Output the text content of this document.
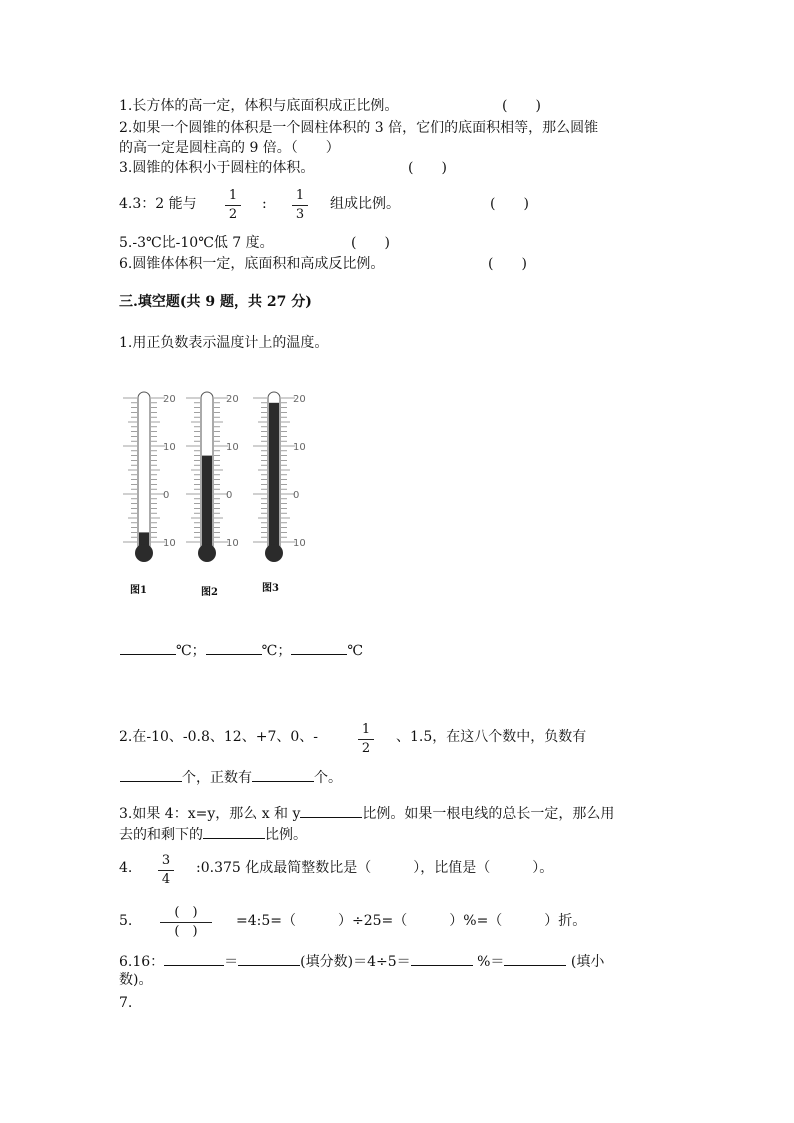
1.长方体的高一定，体积与底面积成正比例。	(　　)
2.如果一个圆锥的体积是一个圆柱体积的 3 倍，它们的底面积相等，那么圆锥
的高一定是圆柱高的 9 倍。（　　）
3.圆锥的体积小于圆柱的体积。	(　　)
4.3：2 能与 $\frac{1}{2}$ : $\frac{1}{3}$ 组成比例。	(　　)
5.-3℃比-10℃低 7 度。	(　　)
6.圆锥体体积一定，底面积和高成反比例。	(　　)
三.填空题(共 9 题，共 27 分)
1.用正负数表示温度计上的温度。
20
10
0
10
20
10
0
10
20
10
0
10
图1	图2	图3
℃；	℃；	℃
2.在-10、-0.8、12、+7、0、-	$\frac{1}{2}$ 、1.5，在这八个数中，负数有
个，正数有	个。
3.如果 4：x=y，那么 x 和 y	比例。如果一根电线的总长一定，那么用
去的和剩下的	比例。
4. $\frac{3}{4}$ :0.375 化成最简整数比是（　　　），比值是（　　　）。
5.
(　)
(　)
=4:5=（　　　）÷25=（　　　）%=（　　　）折。
6.16：	＝	(填分数)＝4÷5＝	%＝	(填小
数)。
7.
